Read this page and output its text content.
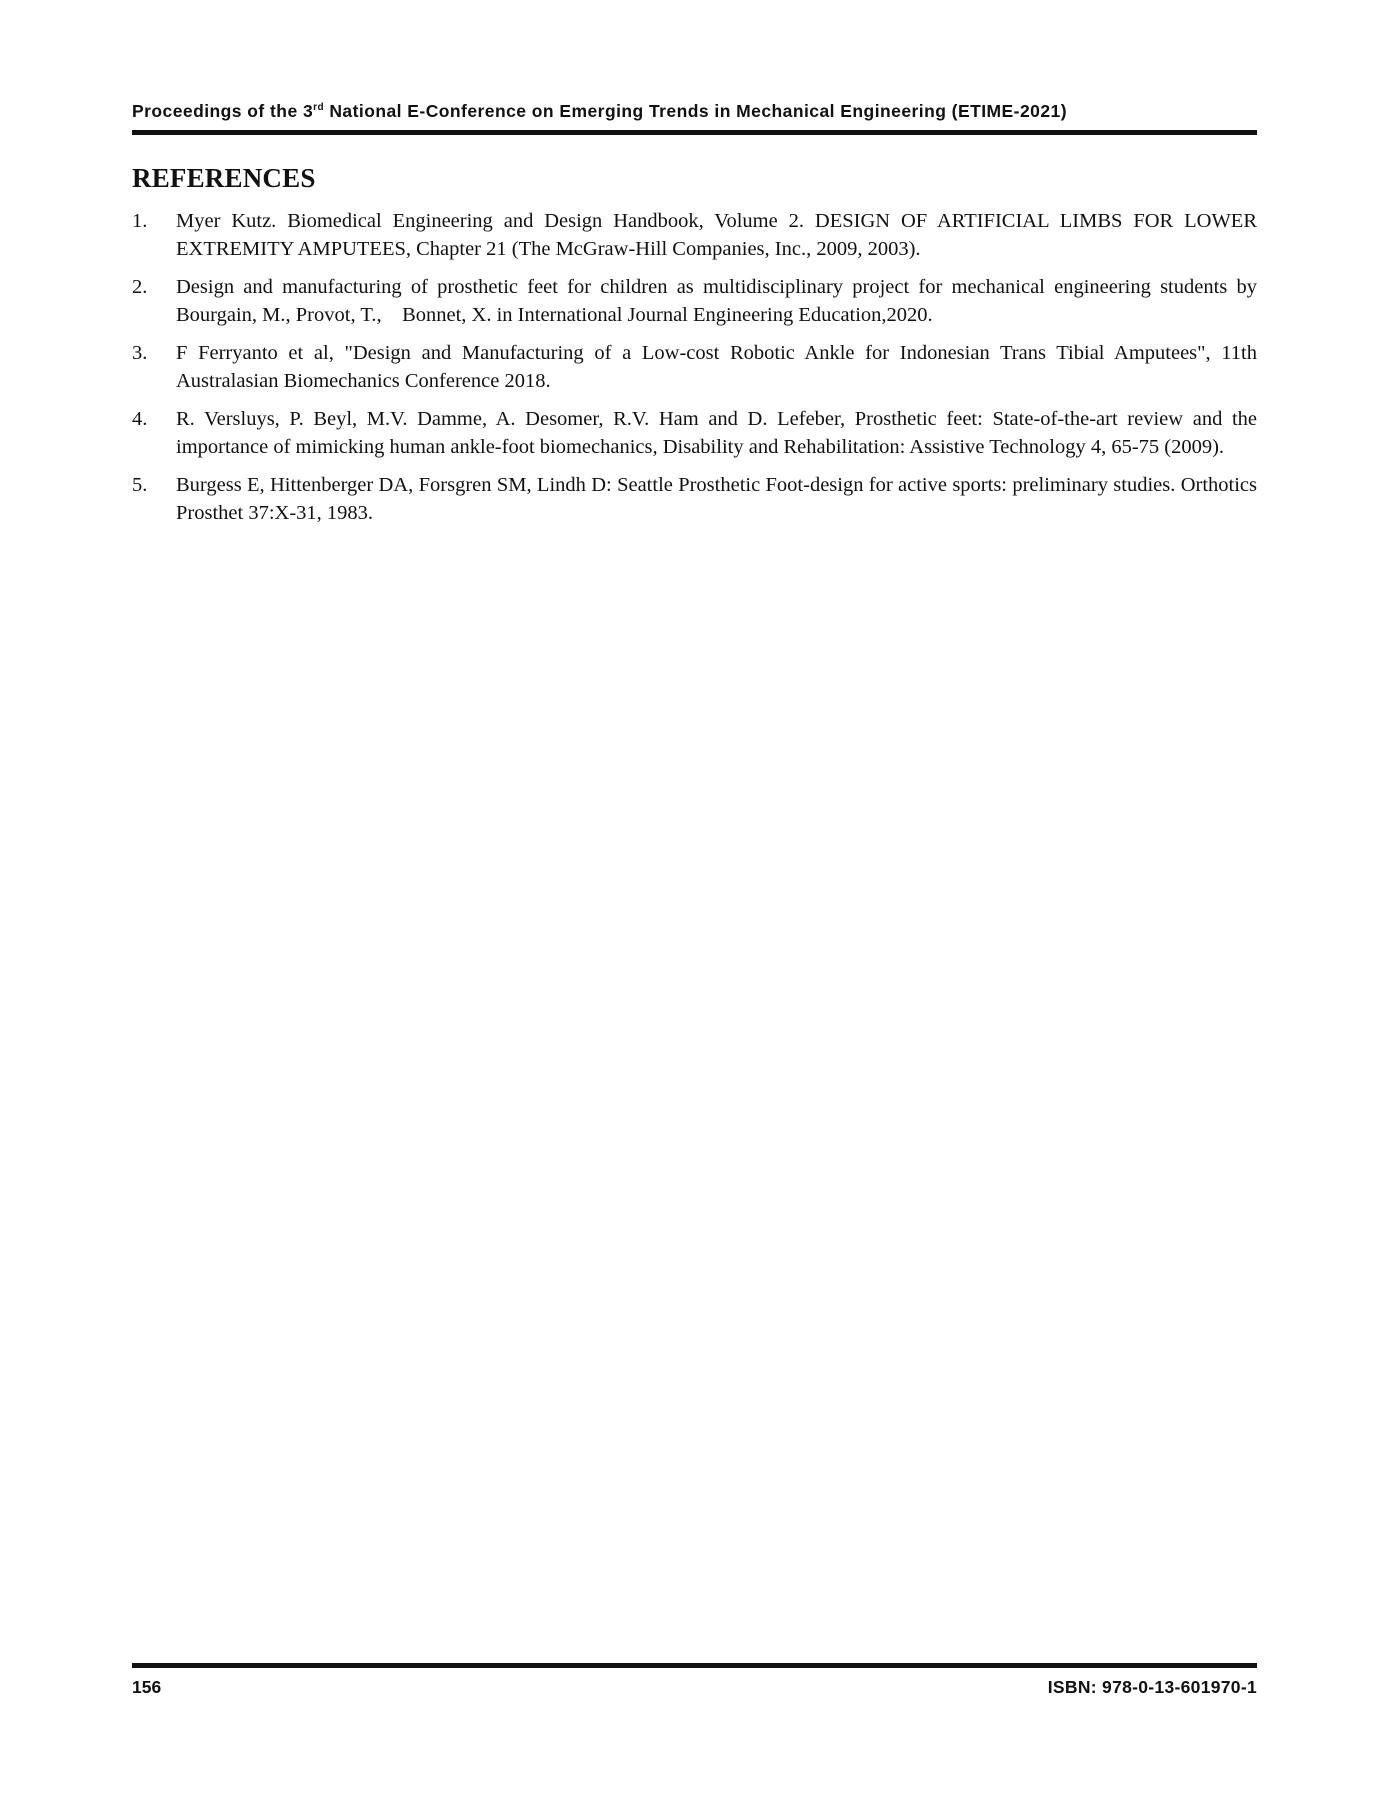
Proceedings of the 3rd National E-Conference on Emerging Trends in Mechanical Engineering (ETIME-2021)
REFERENCES
1. Myer Kutz. Biomedical Engineering and Design Handbook, Volume 2. DESIGN OF ARTIFICIAL LIMBS FOR LOWER EXTREMITY AMPUTEES, Chapter 21 (The McGraw-Hill Companies, Inc., 2009, 2003).
2. Design and manufacturing of prosthetic feet for children as multidisciplinary project for mechanical engineering students by Bourgain, M., Provot, T.,    Bonnet, X. in International Journal Engineering Education,2020.
3. F Ferryanto et al, "Design and Manufacturing of a Low-cost Robotic Ankle for Indonesian Trans Tibial Amputees", 11th Australasian Biomechanics Conference 2018.
4. R. Versluys, P. Beyl, M.V. Damme, A. Desomer, R.V. Ham and D. Lefeber, Prosthetic feet: State-of-the-art review and the importance of mimicking human ankle-foot biomechanics, Disability and Rehabilitation: Assistive Technology 4, 65-75 (2009).
5. Burgess E, Hittenberger DA, Forsgren SM, Lindh D: Seattle Prosthetic Foot-design for active sports: preliminary studies. Orthotics Prosthet 37:X-31, 1983.
156	ISBN: 978-0-13-601970-1
